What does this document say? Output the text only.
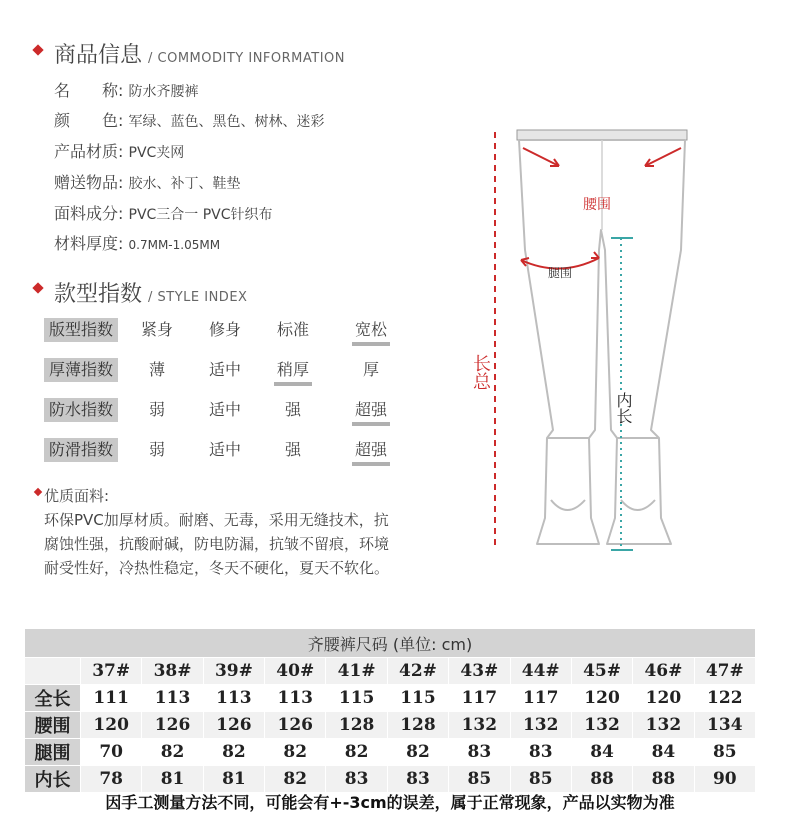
商品信息 / COMMODITY INFORMATION
名　　称: 防水齐腰裤
颜　　色: 军绿、蓝色、黑色、树林、迷彩
产品材质: PVC夹网
赠送物品: 胶水、补丁、鞋垫
面料成分: PVC三合一 PVC针织布
材料厚度: 0.7MM-1.05MM
款型指数 / STYLE INDEX
版型指数	紧身	修身	标准	宽松
厚薄指数	薄	适中	稍厚	厚
防水指数	弱	适中	强	超强
防滑指数	弱	适中	强	超强
优质面料:
环保PVC加厚材质。耐磨、无毒，采用无缝技术，抗腐蚀性强，抗酸耐碱，防电防漏，抗皱不留痕，环境耐受性好，冷热性稳定，冬天不硬化，夏天不软化。
腰围
腿围
长总
内长
齐腰裤尺码 (单位: cm)											
	37#	38#	39#	40#	41#	42#	43#	44#	45#	46#	47#
全长	111	113	113	113	115	115	117	117	120	120	122
腰围	120	126	126	126	128	128	132	132	132	132	134
腿围	70	82	82	82	82	82	83	83	84	84	85
内长	78	81	81	82	83	83	85	85	88	88	90
因手工测量方法不同，可能会有+-3cm的误差，属于正常现象，产品以实物为准
